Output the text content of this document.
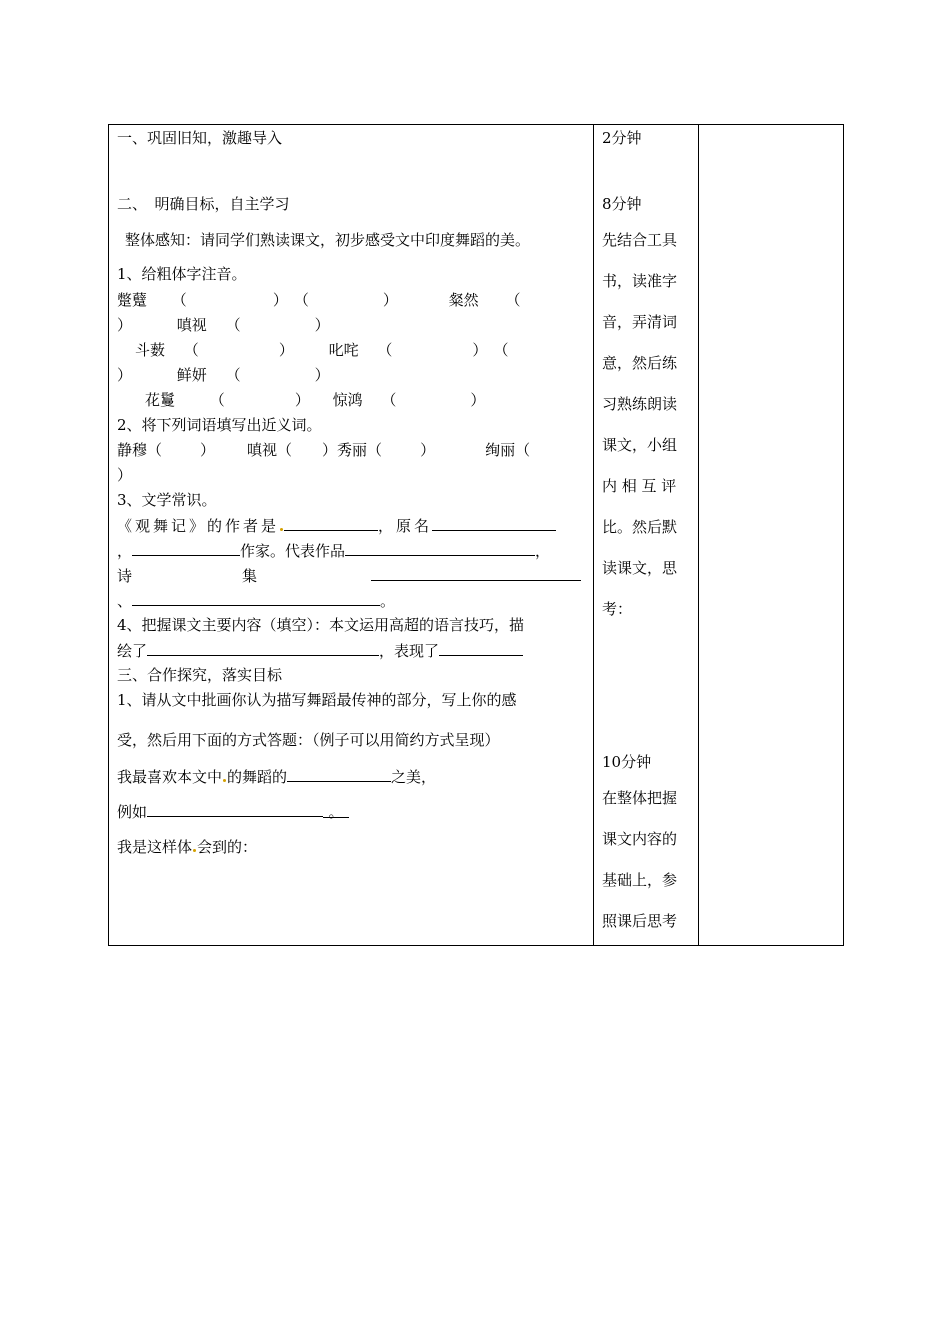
一、巩固旧知，激趣导入
二、　明确目标，自主学习
整体感知：请同学们熟读课文，初步感受文中印度舞蹈的美。
1、给粗体字注音。
蹩躠 （	） （	）	粲然 （
）	嗔视 （	）
斗薮 （	） 叱咤 （	） （
）	鲜妍 （	）
花鬘 （	） 惊鸿 （	）
2、将下列词语填写出近义词。
静穆（	） 嗔视（ ）秀丽（	）	绚丽（
）
3、文学常识。
《观舞记》的作者是	，原名
，	作家。代表作品	，
诗	集
、	。
4、把握课文主要内容（填空）：本文运用高超的语言技巧，描
绘了	，表现了
三、合作探究，落实目标
1、请从文中批画你认为描写舞蹈最传神的部分，写上你的感
受，然后用下面的方式答题：（例子可以用简约方式呈现）
我最喜欢本文中 的舞蹈的	之美，
例如	。
我是这样体 会到的：

2分钟
8分钟
先结合工具
书，读准字
音，弄清词
意，然后练
习熟练朗读
课文，小组
内 相 互 评
比。然后默
读课文，思
考：
10分钟
在整体把握
课文内容的
基础上，参
照课后思考
